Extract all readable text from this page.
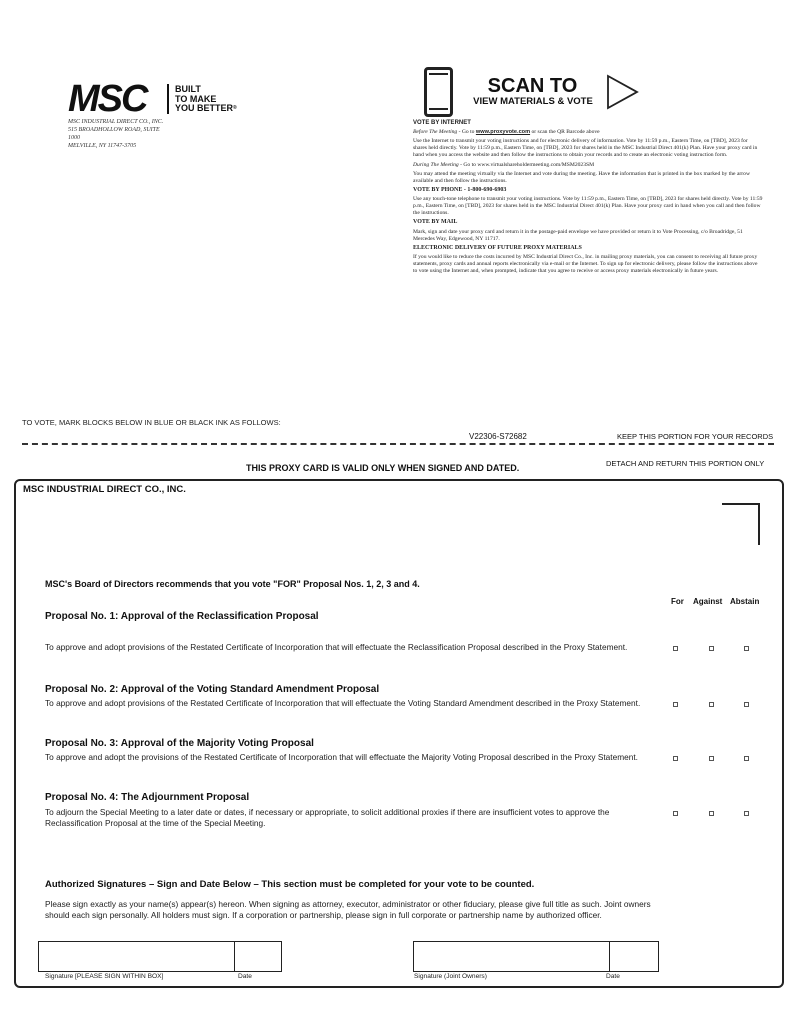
MSC	BUILT
TO MAKE
YOU BETTER®
MSC INDUSTRIAL DIRECT CO., INC.
515 BROADHOLLOW ROAD, SUITE
1000
MELVILLE, NY 11747-3705
SCAN TO
VIEW MATERIALS & VOTE

VOTE BY INTERNET

Before The Meeting - Go to www.proxyvote.com or scan the QR Barcode above

Use the Internet to transmit your voting instructions and for electronic delivery of information. Vote by 11:59 p.m., Eastern Time, on [TBD], 2023 for shares held directly. Vote by 11:59 p.m., Eastern Time, on [TBD], 2023 for shares held in the MSC Industrial Direct 401(k) Plan. Have your proxy card in hand when you access the website and then follow the instructions to obtain your records and to create an electronic voting instruction form.

During The Meeting - Go to www.virtualshareholdermeeting.com/MSM2023SM

You may attend the meeting virtually via the Internet and vote during the meeting. Have the information that is printed in the box marked by the arrow available and then follow the instructions.

VOTE BY PHONE - 1-800-690-6903

Use any touch-tone telephone to transmit your voting instructions. Vote by 11:59 p.m., Eastern Time, on [TBD], 2023 for shares held directly. Vote by 11:59 p.m., Eastern Time, on [TBD], 2023 for shares held in the MSC Industrial Direct 401(k) Plan. Have your proxy card in hand when you call and then follow the instructions.

VOTE BY MAIL

Mark, sign and date your proxy card and return it in the postage-paid envelope we have provided or return it to Vote Processing, c/o Broadridge, 51 Mercedes Way, Edgewood, NY 11717.

ELECTRONIC DELIVERY OF FUTURE PROXY MATERIALS

If you would like to reduce the costs incurred by MSC Industrial Direct Co., Inc. in mailing proxy materials, you can consent to receiving all future proxy statements, proxy cards and annual reports electronically via e-mail or the Internet. To sign up for electronic delivery, please follow the instructions above to vote using the Internet and, when prompted, indicate that you agree to receive or access proxy materials electronically in future years.

TO VOTE, MARK BLOCKS BELOW IN BLUE OR BLACK INK AS FOLLOWS:
V22306-S72682	KEEP THIS PORTION FOR YOUR RECORDS
THIS PROXY CARD IS VALID ONLY WHEN SIGNED AND DATED.	DETACH AND RETURN THIS PORTION ONLY
MSC INDUSTRIAL DIRECT CO., INC.
MSC's Board of Directors recommends that you vote "FOR" Proposal Nos. 1, 2, 3 and 4.
For Against Abstain
Proposal No. 1: Approval of the Reclassification Proposal
To approve and adopt provisions of the Restated Certificate of Incorporation that will effectuate the Reclassification Proposal described in the Proxy Statement.
Proposal No. 2: Approval of the Voting Standard Amendment Proposal
To approve and adopt provisions of the Restated Certificate of Incorporation that will effectuate the Voting Standard Amendment described in the Proxy Statement.
Proposal No. 3: Approval of the Majority Voting Proposal
To approve and adopt the provisions of the Restated Certificate of Incorporation that will effectuate the Majority Voting Proposal described in the Proxy Statement.
Proposal No. 4: The Adjournment Proposal
To adjourn the Special Meeting to a later date or dates, if necessary or appropriate, to solicit additional proxies if there are insufficient votes to approve the Reclassification Proposal at the time of the Special Meeting.
Authorized Signatures – Sign and Date Below – This section must be completed for your vote to be counted.
Please sign exactly as your name(s) appear(s) hereon. When signing as attorney, executor, administrator or other fiduciary, please give full title as such. Joint owners should each sign personally. All holders must sign. If a corporation or partnership, please sign in full corporate or partnership name by authorized officer.
Signature [PLEASE SIGN WITHIN BOX]	Date	Signature (Joint Owners)	Date
